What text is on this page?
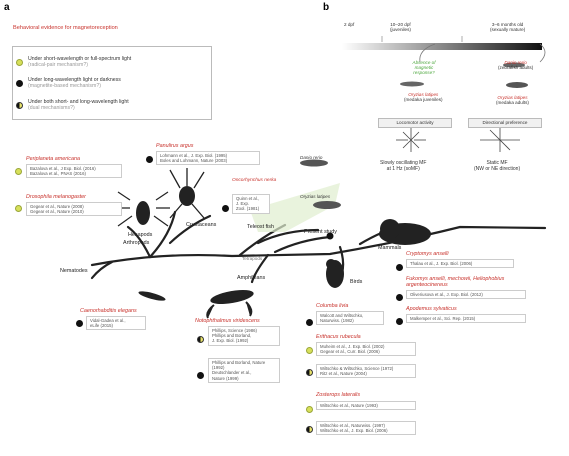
a
Behavioral evidence for magnetoreception
Under short-wavelength or full-spectrum light
(radical-pair mechanism?)
Under long-wavelength light or darkness
(magnetite-based mechanism?)
Under both short- and long-wavelength light
(dual mechanisms?)
Crustaceans
Hexapods
Arthropods
Nematodes
Teleost fish
Amphibians
Birds
Mammals
Present study
Tetrapods
Danio rerio
Oryzias latipes
Periplaneta americana
Bazalova et al., J Exp. Biol. (2016)
Bazalova et al., PNAS (2016)
Drosophila melanogaster
Gegear et al., Nature (2008)
Gegear et al., Nature (2010)
Panulirus argus
Lohmann et al., J. Exp. Biol. (1995)
Boles and Lohmann, Nature (2003)
Oncorhynchus nerka
Quinn et al.,
J. Exp.
Zool. (1981)
Caenorhabditis elegans
Vidal-Gadea et al.,
eLife (2015)
Notophthalmus viridescens
Phillips, Science (1986)
Phillips and Borland,
J. Exp. Biol. (1992)
Phillips and Borland, Nature
(1992)
Deutschlander et al.,
Nature (1999)
Columba livia
Walcott and Wiltschko,
Naturwiss. (1982)
Erithacus rubecula
Muheim et al., J. Exp. Biol. (2002)
Gegear et al., Curr. Biol. (2006)
Wiltschko & Wiltschko, Science (1972)
Ritz et al., Nature (2004)
Zosterops lateralis
Wiltschko et al., Nature (1993)
Wiltschko et al., Naturwiss. (1997)
Wiltschko et al., J. Exp. Biol. (2006)
Cryptomys anselli
Thalau et al., J. Exp. Biol. (2006)
Fukomys anselli, mechowii, Heliophobius argenteocinereus
Oliveriusova et al., J. Exp. Biol. (2012)
Apodemus sylvaticus
Malkemper et al., Sci. Rep. (2015)
b
2 dpf	10–20 dpf
(juveniles)
3–6 months old
(sexually mature)
Absence of magnetic response?
Oryzias latipes
(medaka juveniles)
Danio rerio
(zebrafish adults)
Oryzias latipes
(medaka adults)
Locomotor activity	Directional preference
Slowly oscillating MF
at 1 Hz (soMF)
Static MF
(NW or NE direction)
